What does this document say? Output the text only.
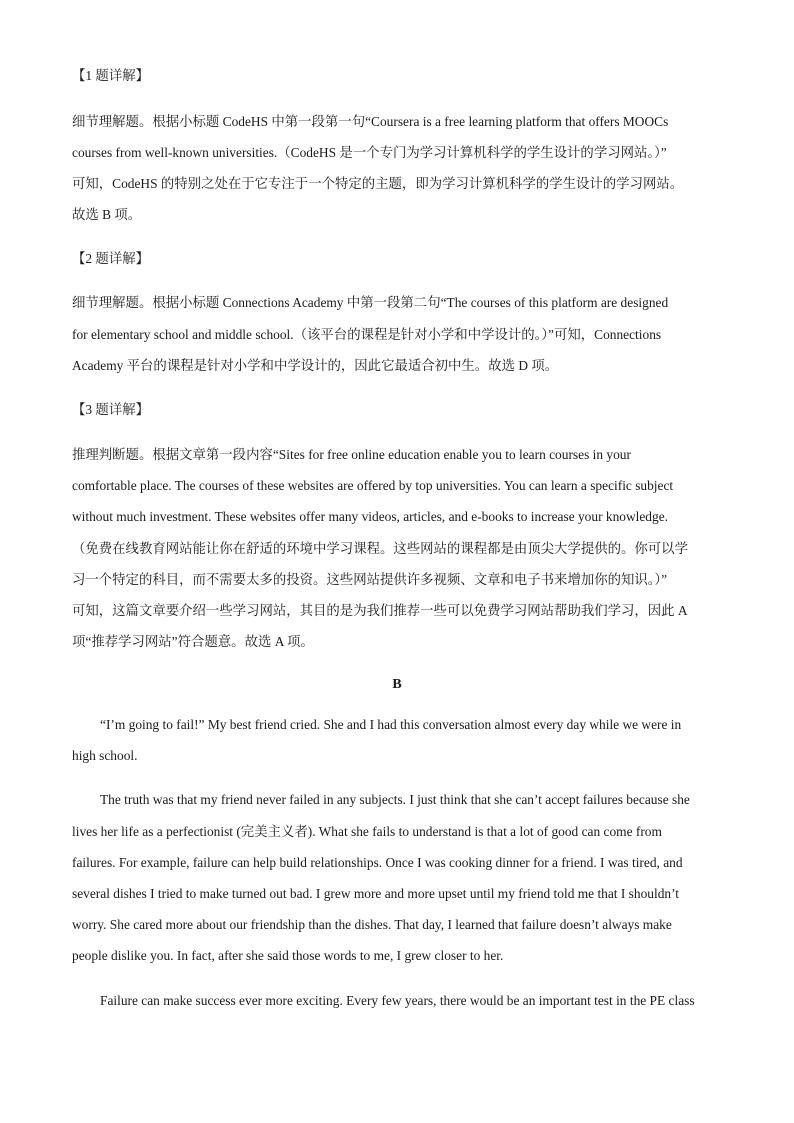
【1 题详解】
细节理解题。根据小标题 CodeHS 中第一段第一句“Coursera is a free learning platform that offers MOOCs
courses from well-known universities.（CodeHS 是一个专门为学习计算机科学的学生设计的学习网站。）”
可知，CodeHS 的特别之处在于它专注于一个特定的主题，即为学习计算机科学的学生设计的学习网站。
故选 B 项。
【2 题详解】
细节理解题。根据小标题 Connections Academy 中第一段第二句“The courses of this platform are designed
for elementary school and middle school.（该平台的课程是针对小学和中学设计的。）”可知，Connections
Academy 平台的课程是针对小学和中学设计的，因此它最适合初中生。故选 D 项。
【3 题详解】
推理判断题。根据文章第一段内容“Sites for free online education enable you to learn courses in your
comfortable place. The courses of these websites are offered by top universities. You can learn a specific subject
without much investment. These websites offer many videos, articles, and e-books to increase your knowledge.
（免费在线教育网站能让你在舒适的环境中学习课程。这些网站的课程都是由顶尖大学提供的。你可以学
习一个特定的科目，而不需要太多的投资。这些网站提供许多视频、文章和电子书来增加你的知识。）”
可知，这篇文章要介绍一些学习网站，其目的是为我们推荐一些可以免费学习网站帮助我们学习，因此 A
项“推荐学习网站”符合题意。故选 A 项。
B
“I’m going to fail!” My best friend cried. She and I had this conversation almost every day while we were in
high school.
The truth was that my friend never failed in any subjects. I just think that she can’t accept failures because she
lives her life as a perfectionist (完美主义者). What she fails to understand is that a lot of good can come from
failures. For example, failure can help build relationships. Once I was cooking dinner for a friend. I was tired, and
several dishes I tried to make turned out bad. I grew more and more upset until my friend told me that I shouldn’t
worry. She cared more about our friendship than the dishes. That day, I learned that failure doesn’t always make
people dislike you. In fact, after she said those words to me, I grew closer to her.
Failure can make success ever more exciting. Every few years, there would be an important test in the PE class
